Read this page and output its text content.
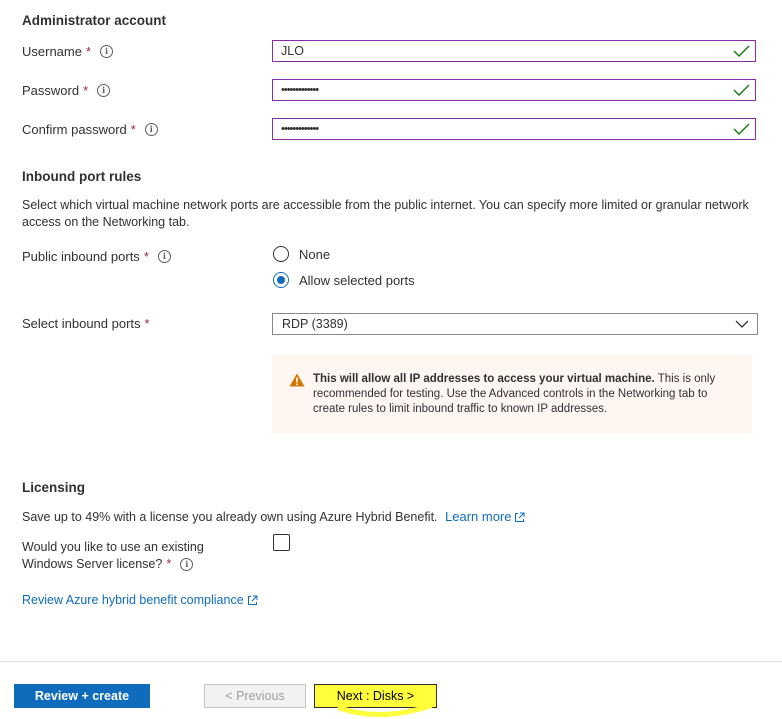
Administrator account
Username *	i	JLO
Password *	i	•••••••••••••
Confirm password *	i	•••••••••••••
Inbound port rules
Select which virtual machine network ports are accessible from the public internet. You can specify more limited or granular network access on the Networking tab.
Public inbound ports *	i	None
Allow selected ports
Select inbound ports *	RDP (3389)
This will allow all IP addresses to access your virtual machine. This is only recommended for testing. Use the Advanced controls in the Networking tab to create rules to limit inbound traffic to known IP addresses.
Licensing
Save up to 49% with a license you already own using Azure Hybrid Benefit. Learn more
Would you like to use an existing
Windows Server license? *	i
Review Azure hybrid benefit compliance
Review + create	< Previous	Next : Disks >
